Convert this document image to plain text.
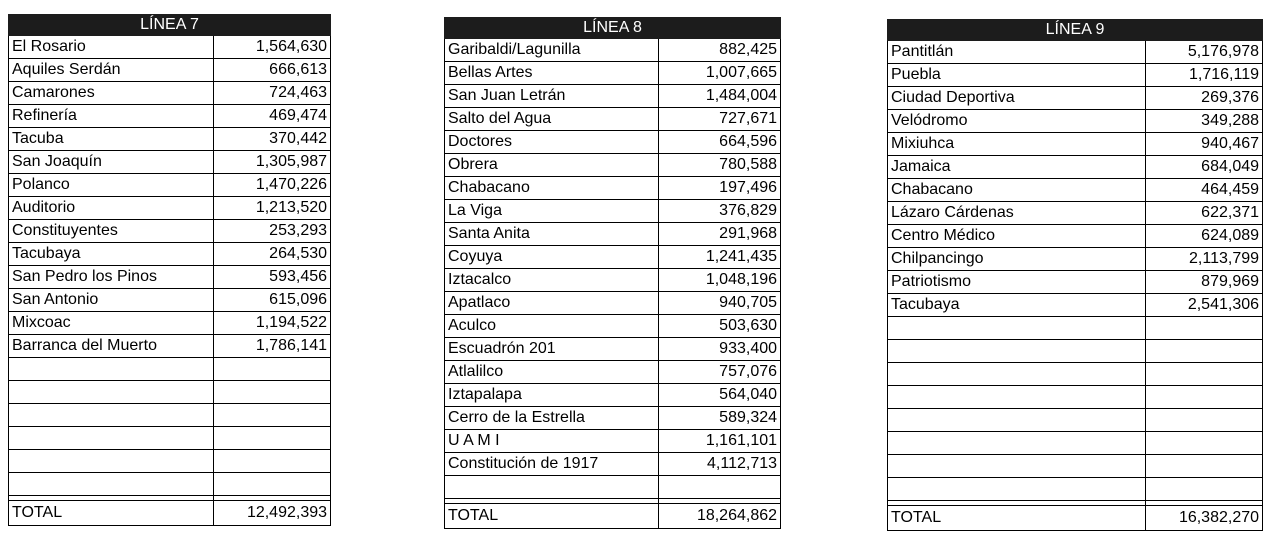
LÍNEA 7	
El Rosario	1,564,630
Aquiles Serdán	666,613
Camarones	724,463
Refinería	469,474
Tacuba	370,442
San Joaquín	1,305,987
Polanco	1,470,226
Auditorio	1,213,520
Constituyentes	253,293
Tacubaya	264,530
San Pedro los Pinos	593,456
San Antonio	615,096
Mixcoac	1,194,522
Barranca del Muerto	1,786,141

TOTAL	12,492,393
LÍNEA 8	
Garibaldi/Lagunilla	882,425
Bellas Artes	1,007,665
San Juan Letrán	1,484,004
Salto del Agua	727,671
Doctores	664,596
Obrera	780,588
Chabacano	197,496
La Viga	376,829
Santa Anita	291,968
Coyuya	1,241,435
Iztacalco	1,048,196
Apatlaco	940,705
Aculco	503,630
Escuadrón 201	933,400
Atlalilco	757,076
Iztapalapa	564,040
Cerro de la Estrella	589,324
U A M I	1,161,101
Constitución de 1917	4,112,713

TOTAL	18,264,862
LÍNEA 9	
Pantitlán	5,176,978
Puebla	1,716,119
Ciudad Deportiva	269,376
Velódromo	349,288
Mixiuhca	940,467
Jamaica	684,049
Chabacano	464,459
Lázaro Cárdenas	622,371
Centro Médico	624,089
Chilpancingo	2,113,799
Patriotismo	879,969
Tacubaya	2,541,306

TOTAL	16,382,270
